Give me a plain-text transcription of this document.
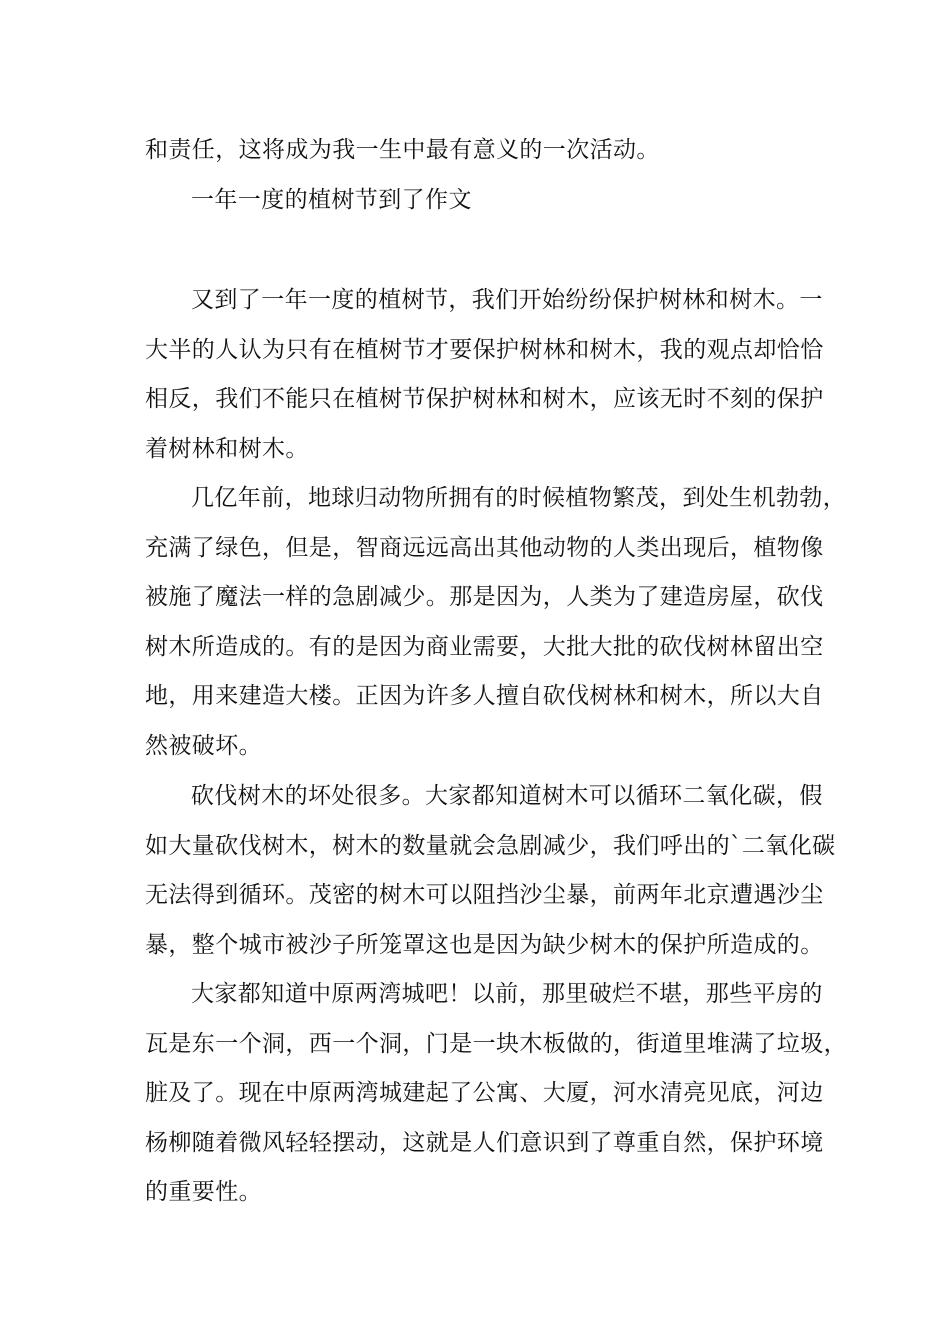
和责任，这将成为我一生中最有意义的一次活动。
一年一度的植树节到了作文
又到了一年一度的植树节，我们开始纷纷保护树林和树木。一
大半的人认为只有在植树节才要保护树林和树木，我的观点却恰恰
相反，我们不能只在植树节保护树林和树木，应该无时不刻的保护
着树林和树木。
几亿年前，地球归动物所拥有的时候植物繁茂，到处生机勃勃，
充满了绿色，但是，智商远远高出其他动物的人类出现后，植物像
被施了魔法一样的急剧减少。那是因为，人类为了建造房屋，砍伐
树木所造成的。有的是因为商业需要，大批大批的砍伐树林留出空
地，用来建造大楼。正因为许多人擅自砍伐树林和树木，所以大自
然被破坏。
砍伐树木的坏处很多。大家都知道树木可以循环二氧化碳，假
如大量砍伐树木，树木的数量就会急剧减少，我们呼出的`二氧化碳
无法得到循环。茂密的树木可以阻挡沙尘暴，前两年北京遭遇沙尘
暴，整个城市被沙子所笼罩这也是因为缺少树木的保护所造成的。
大家都知道中原两湾城吧！以前，那里破烂不堪，那些平房的
瓦是东一个洞，西一个洞，门是一块木板做的，街道里堆满了垃圾，
脏及了。现在中原两湾城建起了公寓、大厦，河水清亮见底，河边
杨柳随着微风轻轻摆动，这就是人们意识到了尊重自然，保护环境
的重要性。
